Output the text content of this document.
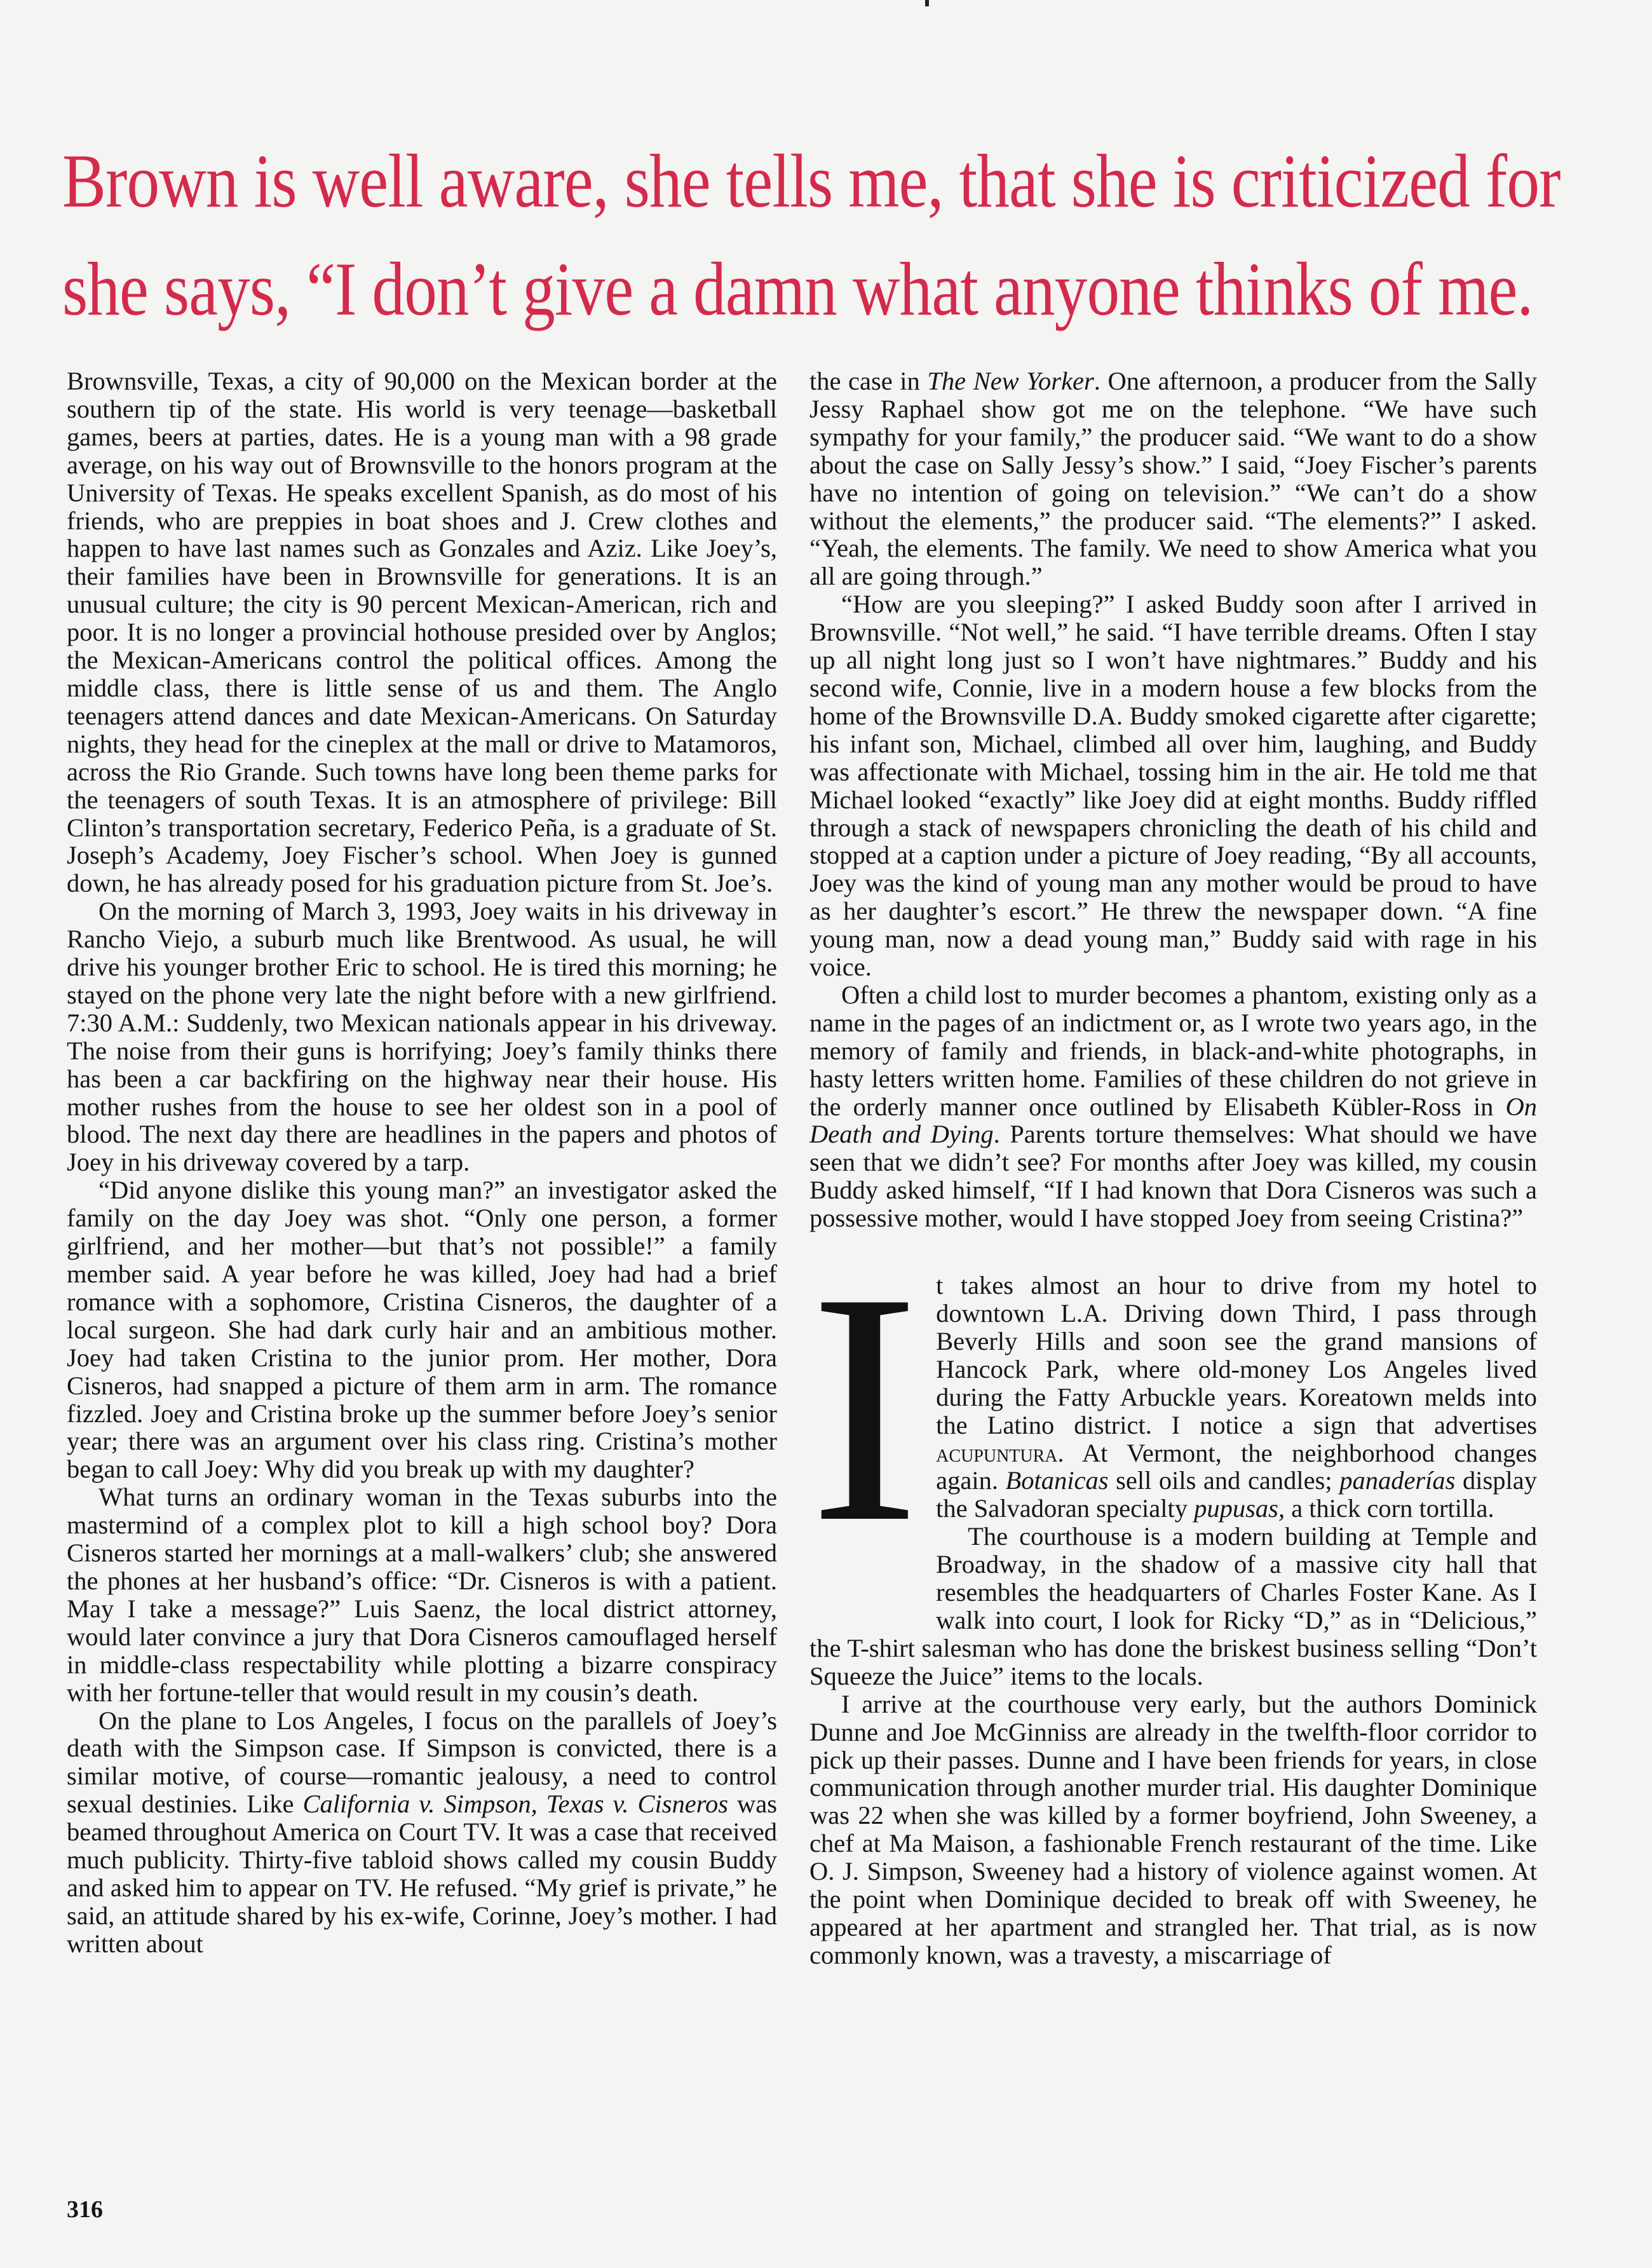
Brown is well aware, she tells me, that she is criticized for
she says, “I don’t give a damn what anyone thinks of me.

Brownsville, Texas, a city of 90,000 on the Mexican border at the southern tip of the state. His world is very teenage—basketball games, beers at parties, dates. He is a young man with a 98 grade average, on his way out of Brownsville to the honors program at the University of Texas. He speaks excellent Spanish, as do most of his friends, who are preppies in boat shoes and J. Crew clothes and happen to have last names such as Gonzales and Aziz. Like Joey’s, their families have been in Brownsville for generations. It is an unusual culture; the city is 90 percent Mexican-American, rich and poor. It is no longer a provincial hothouse presided over by Anglos; the Mexican-Americans control the political offices. Among the middle class, there is little sense of us and them. The Anglo teenagers attend dances and date Mexican-Americans. On Saturday nights, they head for the cineplex at the mall or drive to Matamoros, across the Rio Grande. Such towns have long been theme parks for the teenagers of south Texas. It is an atmosphere of privilege: Bill Clinton’s transportation secretary, Federico Peña, is a graduate of St. Joseph’s Academy, Joey Fischer’s school. When Joey is gunned down, he has already posed for his graduation picture from St. Joe’s.

On the morning of March 3, 1993, Joey waits in his driveway in Rancho Viejo, a suburb much like Brentwood. As usual, he will drive his younger brother Eric to school. He is tired this morning; he stayed on the phone very late the night before with a new girlfriend. 7:30 A.M.: Suddenly, two Mexican nationals appear in his driveway. The noise from their guns is horrifying; Joey’s family thinks there has been a car backfiring on the highway near their house. His mother rushes from the house to see her oldest son in a pool of blood. The next day there are headlines in the papers and photos of Joey in his driveway covered by a tarp.

“Did anyone dislike this young man?” an investigator asked the family on the day Joey was shot. “Only one person, a former girlfriend, and her mother—but that’s not possible!” a family member said. A year before he was killed, Joey had had a brief romance with a sophomore, Cristina Cisneros, the daughter of a local surgeon. She had dark curly hair and an ambitious mother. Joey had taken Cristina to the junior prom. Her mother, Dora Cisneros, had snapped a picture of them arm in arm. The romance fizzled. Joey and Cristina broke up the summer before Joey’s senior year; there was an argument over his class ring. Cristina’s mother began to call Joey: Why did you break up with my daughter?

What turns an ordinary woman in the Texas suburbs into the mastermind of a complex plot to kill a high school boy? Dora Cisneros started her mornings at a mall-walkers’ club; she answered the phones at her husband’s office: “Dr. Cisneros is with a patient. May I take a message?” Luis Saenz, the local district attorney, would later convince a jury that Dora Cisneros camouflaged herself in middle-class respectability while plotting a bizarre conspiracy with her fortune-teller that would result in my cousin’s death.

On the plane to Los Angeles, I focus on the parallels of Joey’s death with the Simpson case. If Simpson is convicted, there is a similar motive, of course—romantic jealousy, a need to control sexual destinies. Like California v. Simpson, Texas v. Cisneros was beamed throughout America on Court TV. It was a case that received much publicity. Thirty-five tabloid shows called my cousin Buddy and asked him to appear on TV. He refused. “My grief is private,” he said, an attitude shared by his ex-wife, Corinne, Joey’s mother. I had written about

the case in The New Yorker. One afternoon, a producer from the Sally Jessy Raphael show got me on the telephone. “We have such sympathy for your family,” the producer said. “We want to do a show about the case on Sally Jessy’s show.” I said, “Joey Fischer’s parents have no intention of going on television.” “We can’t do a show without the elements,” the producer said. “The elements?” I asked. “Yeah, the elements. The family. We need to show America what you all are going through.”

“How are you sleeping?” I asked Buddy soon after I arrived in Brownsville. “Not well,” he said. “I have terrible dreams. Often I stay up all night long just so I won’t have nightmares.” Buddy and his second wife, Connie, live in a modern house a few blocks from the home of the Brownsville D.A. Buddy smoked cigarette after cigarette; his infant son, Michael, climbed all over him, laughing, and Buddy was affectionate with Michael, tossing him in the air. He told me that Michael looked “exactly” like Joey did at eight months. Buddy riffled through a stack of newspapers chronicling the death of his child and stopped at a caption under a picture of Joey reading, “By all accounts, Joey was the kind of young man any mother would be proud to have as her daughter’s escort.” He threw the newspaper down. “A fine young man, now a dead young man,” Buddy said with rage in his voice.

Often a child lost to murder becomes a phantom, existing only as a name in the pages of an indictment or, as I wrote two years ago, in the memory of family and friends, in black-and-white photographs, in hasty letters written home. Families of these children do not grieve in the orderly manner once outlined by Elisabeth Kübler-Ross in On Death and Dying. Parents torture themselves: What should we have seen that we didn’t see? For months after Joey was killed, my cousin Buddy asked himself, “If I had known that Dora Cisneros was such a possessive mother, would I have stopped Joey from seeing Cristina?”

It takes almost an hour to drive from my hotel to downtown L.A. Driving down Third, I pass through Beverly Hills and soon see the grand mansions of Hancock Park, where old-money Los Angeles lived during the Fatty Arbuckle years. Koreatown melds into the Latino district. I notice a sign that advertises acupuntura. At Vermont, the neighborhood changes again. Botanicas sell oils and candles; panaderías display the Salvadoran specialty pupusas, a thick corn tortilla.

The courthouse is a modern building at Temple and Broadway, in the shadow of a massive city hall that resembles the headquarters of Charles Foster Kane. As I walk into court, I look for Ricky “D,” as in “Delicious,” the T-shirt salesman who has done the briskest business selling “Don’t Squeeze the Juice” items to the locals.

I arrive at the courthouse very early, but the authors Dominick Dunne and Joe McGinniss are already in the twelfth-floor corridor to pick up their passes. Dunne and I have been friends for years, in close communication through another murder trial. His daughter Dominique was 22 when she was killed by a former boyfriend, John Sweeney, a chef at Ma Maison, a fashionable French restaurant of the time. Like O. J. Simpson, Sweeney had a history of violence against women. At the point when Dominique decided to break off with Sweeney, he appeared at her apartment and strangled her. That trial, as is now commonly known, was a travesty, a miscarriage of

316
